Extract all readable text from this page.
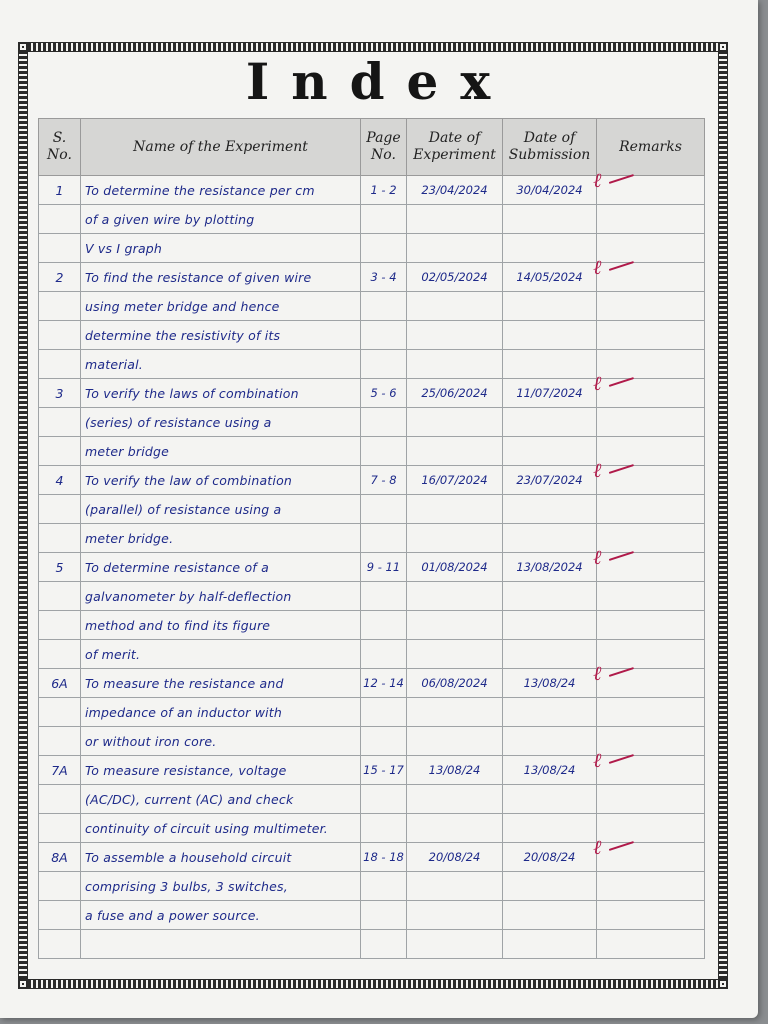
Index
S. No.	Name of the Experiment	Page No.	Date of Experiment	Date of Submission	Remarks
1	To determine the resistance per cm	1 - 2	23/04/2024	30/04/2024	ℓ

	of a given wire by plotting				
	V vs I graph				
2	To find the resistance of given wire	3 - 4	02/05/2024	14/05/2024	ℓ

	using meter bridge and hence				
	determine the resistivity of its				
	material.				
3	To verify the laws of combination	5 - 6	25/06/2024	11/07/2024	ℓ

	(series) of resistance using a				
	meter bridge				
4	To verify the law of combination	7 - 8	16/07/2024	23/07/2024	ℓ

	(parallel) of resistance using a				
	meter bridge.				
5	To determine resistance of a	9 - 11	01/08/2024	13/08/2024	ℓ

	galvanometer by half-deflection				
	method and to find its figure				
	of merit.				
6A	To measure the resistance and	12 - 14	06/08/2024	13/08/24	ℓ

	impedance of an inductor with				
	or without iron core.				
7A	To measure resistance, voltage	15 - 17	13/08/24	13/08/24	ℓ

	(AC/DC), current (AC) and check				
	continuity of circuit using multimeter.				
8A	To assemble a household circuit	18 - 18	20/08/24	20/08/24	ℓ

	comprising 3 bulbs, 3 switches,				
	a fuse and a power source.				
